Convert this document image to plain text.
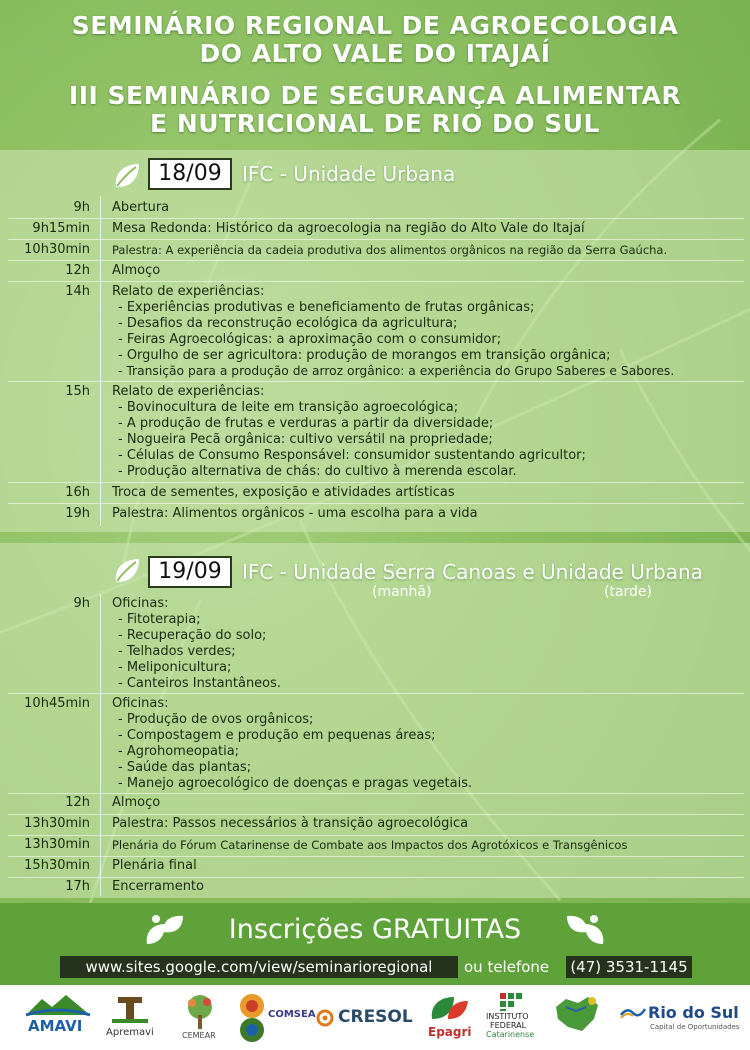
SEMINÁRIO REGIONAL DE AGROECOLOGIA
DO ALTO VALE DO ITAJAÍ
III SEMINÁRIO DE SEGURANÇA ALIMENTAR
E NUTRICIONAL DE RIO DO SUL
18/09	IFC - Unidade Urbana
9h Abertura
9h15min Mesa Redonda: Histórico da agroecologia na região do Alto Vale do Itajaí
10h30min Palestra: A experiência da cadeia produtiva dos alimentos orgânicos na região da Serra Gaúcha.
12h Almoço
14h Relato de experiências:
- Experiências produtivas e beneficiamento de frutas orgânicas;
- Desafios da reconstrução ecológica da agricultura;
- Feiras Agroecológicas: a aproximação com o consumidor;
- Orgulho de ser agricultora: produção de morangos em transição orgânica;
- Transição para a produção de arroz orgânico: a experiência do Grupo Saberes e Sabores.
15h Relato de experiências:
- Bovinocultura de leite em transição agroecológica;
- A produção de frutas e verduras a partir da diversidade;
- Nogueira Pecã orgânica: cultivo versátil na propriedade;
- Células de Consumo Responsável: consumidor sustentando agricultor;
- Produção alternativa de chás: do cultivo à merenda escolar.
16h Troca de sementes, exposição e atividades artísticas
19h Palestra: Alimentos orgânicos - uma escolha para a vida
19/09	IFC - Unidade Serra Canoas e Unidade Urbana
(manhã)	(tarde)
9h Oficinas:
- Fitoterapia;
- Recuperação do solo;
- Telhados verdes;
- Meliponicultura;
- Canteiros Instantâneos.
10h45min Oficinas:
- Produção de ovos orgânicos;
- Compostagem e produção em pequenas áreas;
- Agrohomeopatia;
- Saúde das plantas;
- Manejo agroecológico de doenças e pragas vegetais.
12h Almoço
13h30min Palestra: Passos necessários à transição agroecológica
13h30min Plenária do Fórum Catarinense de Combate aos Impactos dos Agrotóxicos e Transgênicos
15h30min Plenária final
17h Encerramento
Inscrições GRATUITAS
www.sites.google.com/view/seminarioregional	ou telefone (47) 3531-1145
AMAVI Apremavi	CEMEAR
COMSEA CRESOL
Epagri
INSTITUTO
FEDERAL
Catarinense
Rio do Sul
Capital de Oportunidades
